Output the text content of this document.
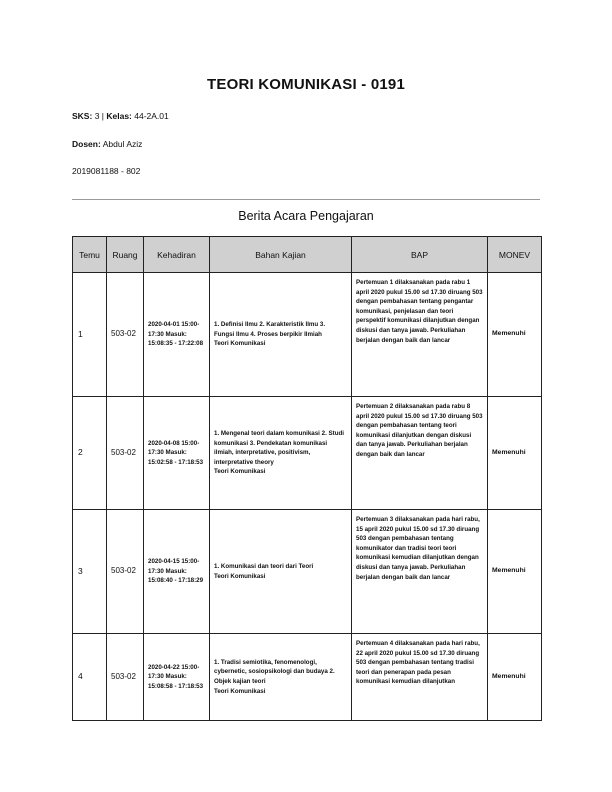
TEORI KOMUNIKASI - 0191
SKS: 3 | Kelas: 44-2A.01
Dosen: Abdul Aziz
2019081188 - 802
Berita Acara Pengajaran
Temu	Ruang	Kehadiran	Bahan Kajian	BAP	MONEV
1	503-02	2020-04-01 15:00-17:30 Masuk: 15:08:35 - 17:22:08	1. Definisi Ilmu 2. Karakteristik Ilmu 3. Fungsi Ilmu 4. Proses berpikir Ilmiah
Teori Komunikasi	Pertemuan 1 dilaksanakan pada rabu 1 april 2020 pukul 15.00 sd 17.30 diruang 503 dengan pembahasan tentang pengantar komunikasi, penjelasan dan teori perspektif komunikasi dilanjutkan dengan diskusi dan tanya jawab. Perkuliahan berjalan dengan baik dan lancar	Memenuhi
2	503-02	2020-04-08 15:00-17:30 Masuk: 15:02:58 - 17:18:53	1. Mengenal teori dalam komunikasi 2. Studi komunikasi 3. Pendekatan komunikasi ilmiah, interpretative, positivism, interpretative theory
Teori Komunikasi	Pertemuan 2 dilaksanakan pada rabu 8 april 2020 pukul 15.00 sd 17.30 diruang 503 dengan pembahasan tentang teori komunikasi dilanjutkan dengan diskusi dan tanya jawab. Perkuliahan berjalan dengan baik dan lancar	Memenuhi
3	503-02	2020-04-15 15:00-17:30 Masuk: 15:08:40 - 17:18:29	1. Komunikasi dan teori dari Teori
Teori Komunikasi	Pertemuan 3 dilaksanakan pada hari rabu, 15 april 2020 pukul 15.00 sd 17.30 diruang 503 dengan pembahasan tentang komunikator dan tradisi teori teori komunikasi kemudian dilanjutkan dengan diskusi dan tanya jawab. Perkuliahan berjalan dengan baik dan lancar	Memenuhi
4	503-02	2020-04-22 15:00-17:30 Masuk: 15:08:58 - 17:18:53	1. Tradisi semiotika, fenomenologi, cybernetic, sosiopsikologi dan budaya 2. Objek kajian teori
Teori Komunikasi	Pertemuan 4 dilaksanakan pada hari rabu, 22 april 2020 pukul 15.00 sd 17.30 diruang 503 dengan pembahasan tentang tradisi teori dan penerapan pada pesan komunikasi kemudian dilanjutkan	Memenuhi
